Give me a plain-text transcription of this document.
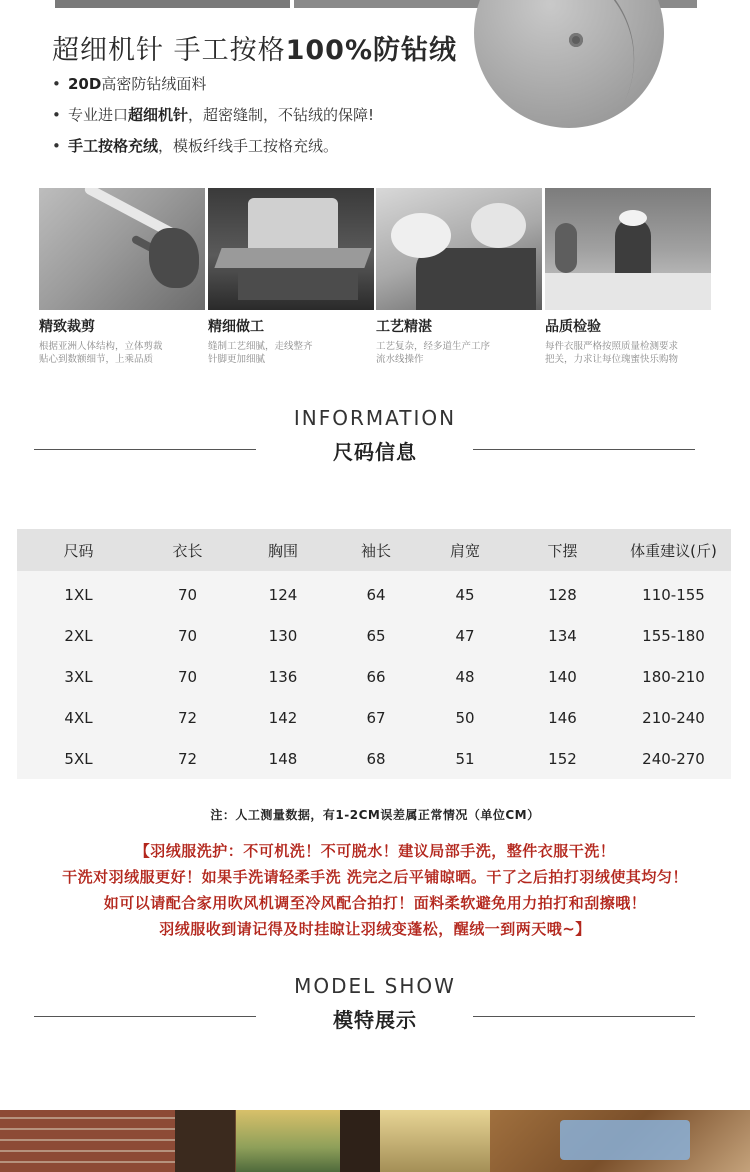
超细机针 手工按格100%防钻绒
• 20D高密防钻绒面料
• 专业进口超细机针，超密缝制，不钻绒的保障!
• 手工按格充绒，模板纤线手工按格充绒。
精致裁剪
根据亚洲人体结构，立体剪裁
贴心到数额细节，上乘品质
精细做工
缝制工艺细腻，走线整齐
针脚更加细腻
工艺精湛
工艺复杂，经多道生产工序
流水线操作
品质检验
每件衣服严格按照质量检测要求
把关，力求让每位瑰蜜快乐购物
INFORMATION
尺码信息
尺码	衣长	胸围	袖长	肩宽	下摆	体重建议(斤)
1XL	70	124	64	45	128	110-155
2XL	70	130	65	47	134	155-180
3XL	70	136	66	48	140	180-210
4XL	72	142	67	50	146	210-240
5XL	72	148	68	51	152	240-270
注：人工测量数据，有1-2CM误差属正常情况（单位CM）
【羽绒服洗护：不可机洗！不可脱水！建议局部手洗，整件衣服干洗！
干洗对羽绒服更好！如果手洗请轻柔手洗 洗完之后平铺晾晒。干了之后拍打羽绒使其均匀！
如可以请配合家用吹风机调至冷风配合拍打！面料柔软避免用力拍打和刮擦哦！
羽绒服收到请记得及时挂晾让羽绒变蓬松，醒绒一到两天哦~】
MODEL SHOW
模特展示
